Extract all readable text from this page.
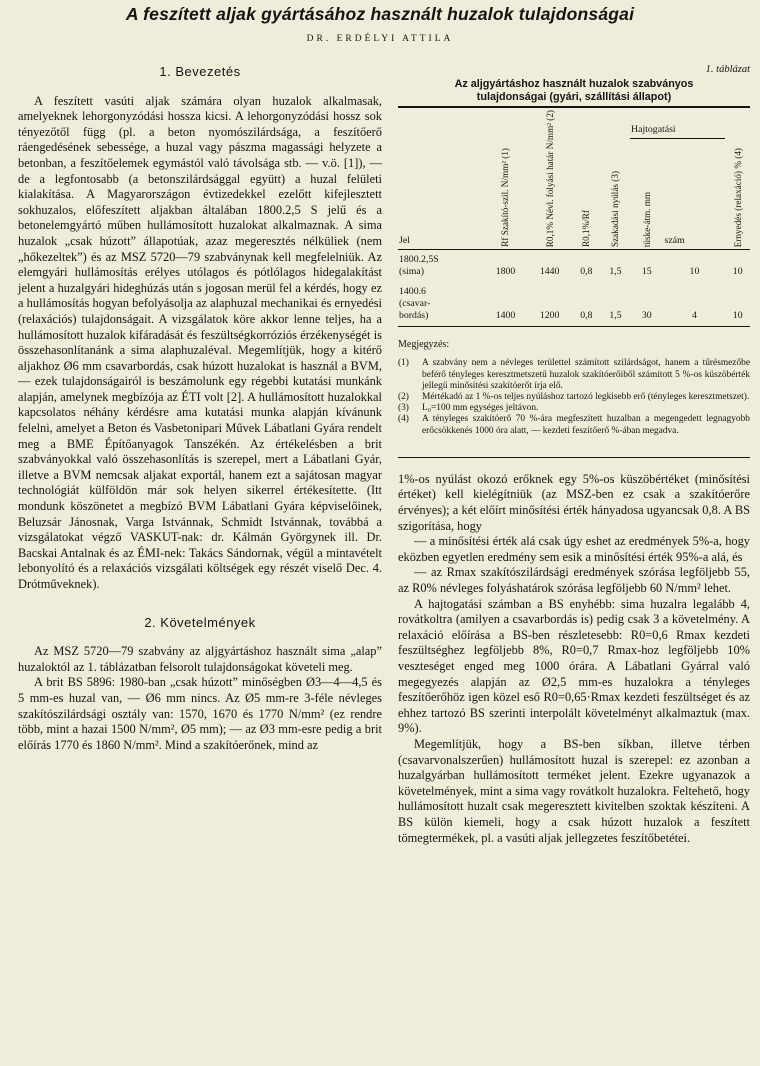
A feszített aljak gyártásához használt huzalok tulajdonságai
DR. ERDÉLYI ATTILA
1. Bevezetés

A feszített vasúti aljak számára olyan huzalok alkalmasak, amelyeknek lehorgonyzódási hossza kicsi. A lehorgonyzódási hossz sok tényezőtől függ (pl. a beton nyomószilárdsága, a feszítőerő ráengedésének sebessége, a huzal vagy pászma magassági helyzete a betonban, a feszítőelemek egymástól való távolsága stb. — v.ö. [1]), — de a legfontosabb (a betonszilárdsággal együtt) a huzal felületi kialakítása. A Magyarországon évtizedekkel ezelőtt kifejlesztett sokhuzalos, előfeszített aljakban általában 1800.2,5 S jelű és a betonelemgyártó műben hullámosított huzalokat alkalmaznak. A sima huzalok „csak húzott” állapotúak, azaz megeresztés nélküliek (nem „hőkezeltek”) és az MSZ 5720—79 szabványnak kell megfelelniük. Az elemgyári hullámosítás erélyes utólagos és pótlólagos hidegalakítást jelent a huzalgyári hideghúzás után s jogosan merül fel a kérdés, hogy ez a hullámosítás hogyan befolyásolja az alaphuzal mechanikai és ernyedési (relaxációs) tulajdonságait. A vizsgálatok köre akkor lenne teljes, ha a hullámosított huzalok kifáradását és feszültségkorróziós érzékenységét is összehasonlítanánk a sima alaphuzaléval. Megemlítjük, hogy a kitérő aljakhoz Ø6 mm csavarbordás, csak húzott huzalokat is használ a BVM, — ezek tulajdonságairól is beszámolunk egy régebbi kutatási munkánk alapján, amelynek megbízója az ÉTI volt [2]. A hullámosított huzalokkal kapcsolatos néhány kérdésre ama kutatási munka alapján kívánunk felelni, amelyet a Beton és Vasbetonipari Művek Lábatlani Gyára rendelt meg a BME Építőanyagok Tanszékén. Az értékelésben a brit szabványokkal való összehasonlítás is szerepel, mert a Lábatlani Gyár, illetve a BVM nemcsak aljakat exportál, hanem ezt a sajátosan magyar technológiát külföldön már sok helyen sikerrel értékesítette. (Itt mondunk köszönetet a megbízó BVM Lábatlani Gyára képviselőinek, Beluzsár Jánosnak, Varga Istvánnak, Schmidt Istvánnak, továbbá a vizsgálatokat végző VASKUT-nak: dr. Kálmán Györgynek ill. Dr. Bacskai Antalnak és az ÉMI-nek: Takács Sándornak, végül a mintavételt lebonyolító és a relaxációs vizsgálati költségek egy részét viselő Dec. 4. Drótműveknek).

2. Követelmények

Az MSZ 5720—79 szabvány az aljgyártáshoz használt sima „alap” huzaloktól az 1. táblázatban felsorolt tulajdonságokat követeli meg.

A brit BS 5896: 1980-ban „csak húzott” minőségben Ø3—4—4,5 és 5 mm-es huzal van, — Ø6 mm nincs. Az Ø5 mm-re 3-féle névleges szakítószilárdsági osztály van: 1570, 1670 és 1770 N/mm² (ez rendre több, mint a hazai 1500 N/mm², Ø5 mm); — az Ø3 mm-esre pedig a brit előírás 1770 és 1860 N/mm². Mind a szakítóerőnek, mind az

1. táblázat
Az aljgyártáshoz használt huzalok szabványos
tulajdonságai (gyári, szállítási állapot)
Jel	Rf Szakító-szil. N/mm² (1)	R0,1% Névl. folyási határ N/mm² (2)	R0,1%/Rf	Szakadási nyúlás (3)	Hajtogatási		Ernyedés (relaxáció) % (4)

					tüske-átm. mm	szám	

1800.2,5S
(sima)	1800	1440	0,8	1,5	15	10	10

1400.6
(csavar-
bordás)	1400	1200	0,8	1,5	30	4	10
Megjegyzés:
(1)	A szabvány nem a névleges területtel számított szilárdságot, hanem a tűrésmezőbe beférő tényleges keresztmetszetű huzalok szakítóerőiből számított 5 %-os küszöbérték jellegű minősítési szakítóerőt írja elő.
(2)	Mértékadó az 1 %-os teljes nyúláshoz tartozó legkisebb erő (tényleges keresztmetszet).
(3)	L₀=100 mm egységes jeltávon.
(4)	A tényleges szakítóerő 70 %-ára megfeszített huzalban a megengedett legnagyobb erőcsökkenés 1000 óra alatt, — kezdeti feszítőerő %-ában megadva.

1%-os nyúlást okozó erőknek egy 5%-os küszöbértéket (minősítési értéket) kell kielégítniük (az MSZ-ben ez csak a szakítóerőre érvényes); a két előírt minősítési érték hányadosa ugyancsak 0,8. A BS szigorítása, hogy

— a minősítési érték alá csak úgy eshet az eredmények 5%-a, hogy eközben egyetlen eredmény sem esik a minősítési érték 95%-a alá, és

— az Rmax szakítószilárdsági eredmények szórása legföljebb 55, az R0% névleges folyáshatárok szórása legföljebb 60 N/mm² lehet.

A hajtogatási számban a BS enyhébb: sima huzalra legalább 4, rovátkoltra (amilyen a csavarbordás is) pedig csak 3 a követelmény. A relaxáció előírása a BS-ben részletesebb: R0=0,6 Rmax kezdeti feszültséghez legföljebb 8%, R0=0,7 Rmax-hoz legföljebb 10% veszteséget enged meg 1000 órára. A Lábatlani Gyárral való megegyezés alapján az Ø2,5 mm-es huzalokra a tényleges feszítőerőhöz igen közel eső R0=0,65·Rmax kezdeti feszültséget és az ehhez tartozó BS szerinti interpolált követelményt alkalmaztuk (max. 9%).

Megemlítjük, hogy a BS-ben síkban, illetve térben (csavarvonalszerűen) hullámosított huzal is szerepel: ez azonban a huzalgyárban hullámosított terméket jelent. Ezekre ugyanazok a követelmények, mint a sima vagy rovátkolt huzalokra. Feltehető, hogy hullámosított huzalt csak megeresztett kivitelben szoktak készíteni. A BS külön kiemeli, hogy a csak húzott huzalok a feszített tömegtermékek, pl. a vasúti aljak jellegzetes feszítőbetétei.
